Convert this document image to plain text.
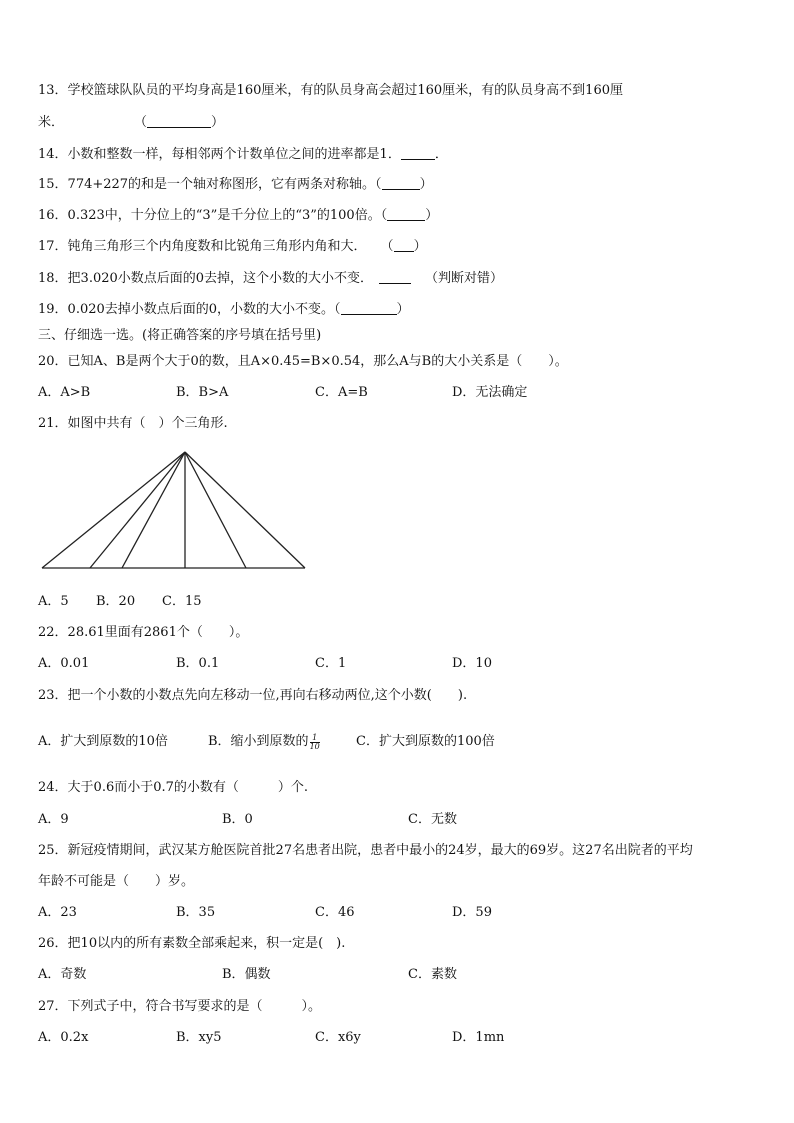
13．学校篮球队队员的平均身高是160厘米，有的队员身高会超过160厘米，有的队员身高不到160厘
米．	（	）
14．小数和整数一样，每相邻两个计数单位之间的进率都是1．	．
15．774+227的和是一个轴对称图形，它有两条对称轴。（	）
16．0.323中，十分位上的“3”是千分位上的“3”的100倍。（	）
17．钝角三角形三个内角度数和比锐角三角形内角和大． （ ）
18．把3.020小数点后面的0去掉，这个小数的大小不变．	（判断对错）
19．0.020去掉小数点后面的0，小数的大小不变。（	）
三、仔细选一选。(将正确答案的序号填在括号里)
20．已知A、B是两个大于0的数，且A×0.45=B×0.54，那么A与B的大小关系是（　　）。
A．A>B	B．B>A	C．A=B	D．无法确定
21．如图中共有（　）个三角形.
A．5 B．20 C．15
22．28.61里面有2861个（　　）。
A．0.01	B．0.1	C．1	D．10
23．把一个小数的小数点先向左移动一位,再向右移动两位,这个小数(　　).
A．扩大到原数的10倍	B．缩小到原数的 $\frac{1}{10}$	C．扩大到原数的100倍
24．大于0.6而小于0.7的小数有（　　　）个.
A．9	B．0	C．无数
25．新冠疫情期间，武汉某方舱医院首批27名患者出院，患者中最小的24岁，最大的69岁。这27名出院者的平均
年龄不可能是（　　）岁。
A．23	B．35	C．46	D．59
26．把10以内的所有素数全部乘起来，积一定是(　).
A．奇数	B．偶数	C．素数
27．下列式子中，符合书写要求的是（　　　）。
A．0.2x	B．xy5	C．x6y	D．1mn
